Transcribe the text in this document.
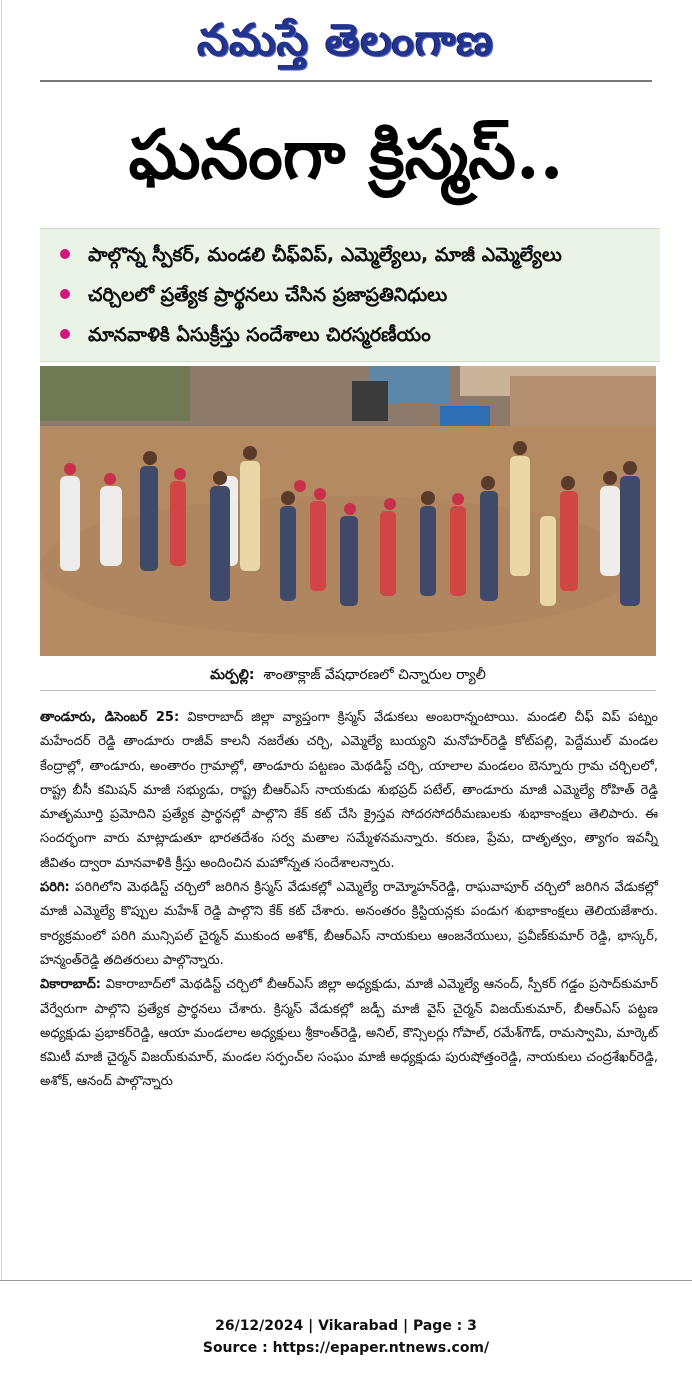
నమస్తే తెలంగాణ
ఘనంగా క్రిస్మస్..
పాల్గొన్న స్పీకర్, మండలి చీఫ్‌విప్, ఎమ్మెల్యేలు, మాజీ ఎమ్మెల్యేలు
చర్చిలలో ప్రత్యేక ప్రార్థనలు చేసిన ప్రజాప్రతినిధులు
మానవాళికి ఏసుక్రీస్తు సందేశాలు చిరస్మరణీయం
మర్పల్లి: శాంతాక్లాజ్ వేషధారణలో చిన్నారుల ర్యాలీ

తాండూరు, డిసెంబర్ 25: వికారాబాద్ జిల్లా వ్యాప్తంగా క్రిస్మస్ వేడుకలు అంబరాన్నంటాయి. మండలి చీఫ్ విప్ పట్నం మహేందర్ రెడ్డి తాండూరు రాజీవ్ కాలనీ నజరేతు చర్చి, ఎమ్మెల్యే బుయ్యని మనోహర్‌రెడ్డి కోట్‌పల్లి, పెద్దేముల్ మండల కేంద్రాల్లో, తాండూరు, అంతారం గ్రామాల్లో, తాండూరు పట్టణం మెథడిస్ట్ చర్చి, యాలాల మండలం బెన్నూరు గ్రామ చర్చిలలో, రాష్ట్ర బీసీ కమిషన్ మాజీ సభ్యుడు, రాష్ట్ర బీఆర్‌ఎస్ నాయకుడు శుభప్రద్ పటేల్, తాండూరు మాజీ ఎమ్మెల్యే రోహిత్ రెడ్డి మాతృమూర్తి ప్రమోదిని ప్రత్యేక ప్రార్థనల్లో పాల్గొని కేక్ కట్ చేసి క్రైస్తవ సోదరసోదరీమణులకు శుభాకాంక్షలు తెలిపారు. ఈ సందర్భంగా వారు మాట్లాడుతూ భారతదేశం సర్వ మతాల సమ్మేళనమన్నారు. కరుణ, ప్రేమ, దాతృత్వం, త్యాగం ఇవన్నీ జీవితం ద్వారా మానవాళికి క్రీస్తు అందించిన మహోన్నత సందేశాలన్నారు.

పరిగి: పరిగిలోని మెథడిస్ట్ చర్చిలో జరిగిన క్రిస్మస్ వేడుకల్లో ఎమ్మెల్యే రామ్మోహన్‌రెడ్డి, రాఘవాపూర్ చర్చిలో జరిగిన వేడుకల్లో మాజీ ఎమ్మెల్యే కొప్పుల మహేశ్ రెడ్డి పాల్గొని కేక్ కట్ చేశారు. అనంతరం క్రిస్టియన్లకు పండుగ శుభాకాంక్షలు తెలియజేశారు. కార్యక్రమంలో పరిగి మున్సిపల్ చైర్మన్ ముకుంద అశోక్, బీఆర్‌ఎస్ నాయకులు ఆంజనేయులు, ప్రవీణ్‌కుమార్ రెడ్డి, భాస్కర్, హన్మంత్‌రెడ్డి తదితరులు పాల్గొన్నారు.

వికారాబాద్: వికారాబాద్‌లో మెథడిస్ట్ చర్చిలో బీఆర్‌ఎస్ జిల్లా అధ్యక్షుడు, మాజీ ఎమ్మెల్యే ఆనంద్, స్పీకర్ గడ్డం ప్రసాద్‌కుమార్ వేర్వేరుగా పాల్గొని ప్రత్యేక ప్రార్థనలు చేశారు. క్రిస్మస్ వేడుకల్లో జడ్పీ మాజీ వైస్ చైర్మన్ విజయ్‌కుమార్, బీఆర్‌ఎస్ పట్టణ అధ్యక్షుడు ప్రభాకర్‌రెడ్డి, ఆయా మండలాల అధ్యక్షులు శ్రీకాంత్‌రెడ్డి, అనిల్, కౌన్సిలర్లు గోపాల్, రమేశ్‌గౌడ్, రామస్వామి, మార్కెట్ కమిటీ మాజీ చైర్మన్ విజయ్‌కుమార్, మండల సర్పంచ్‌ల సంఘం మాజీ అధ్యక్షుడు పురుషోత్తంరెడ్డి, నాయకులు చంద్రశేఖర్‌రెడ్డి, అశోక్, ఆనంద్ పాల్గొన్నారు

26/12/2024 | Vikarabad | Page : 3
Source : https://epaper.ntnews.com/
